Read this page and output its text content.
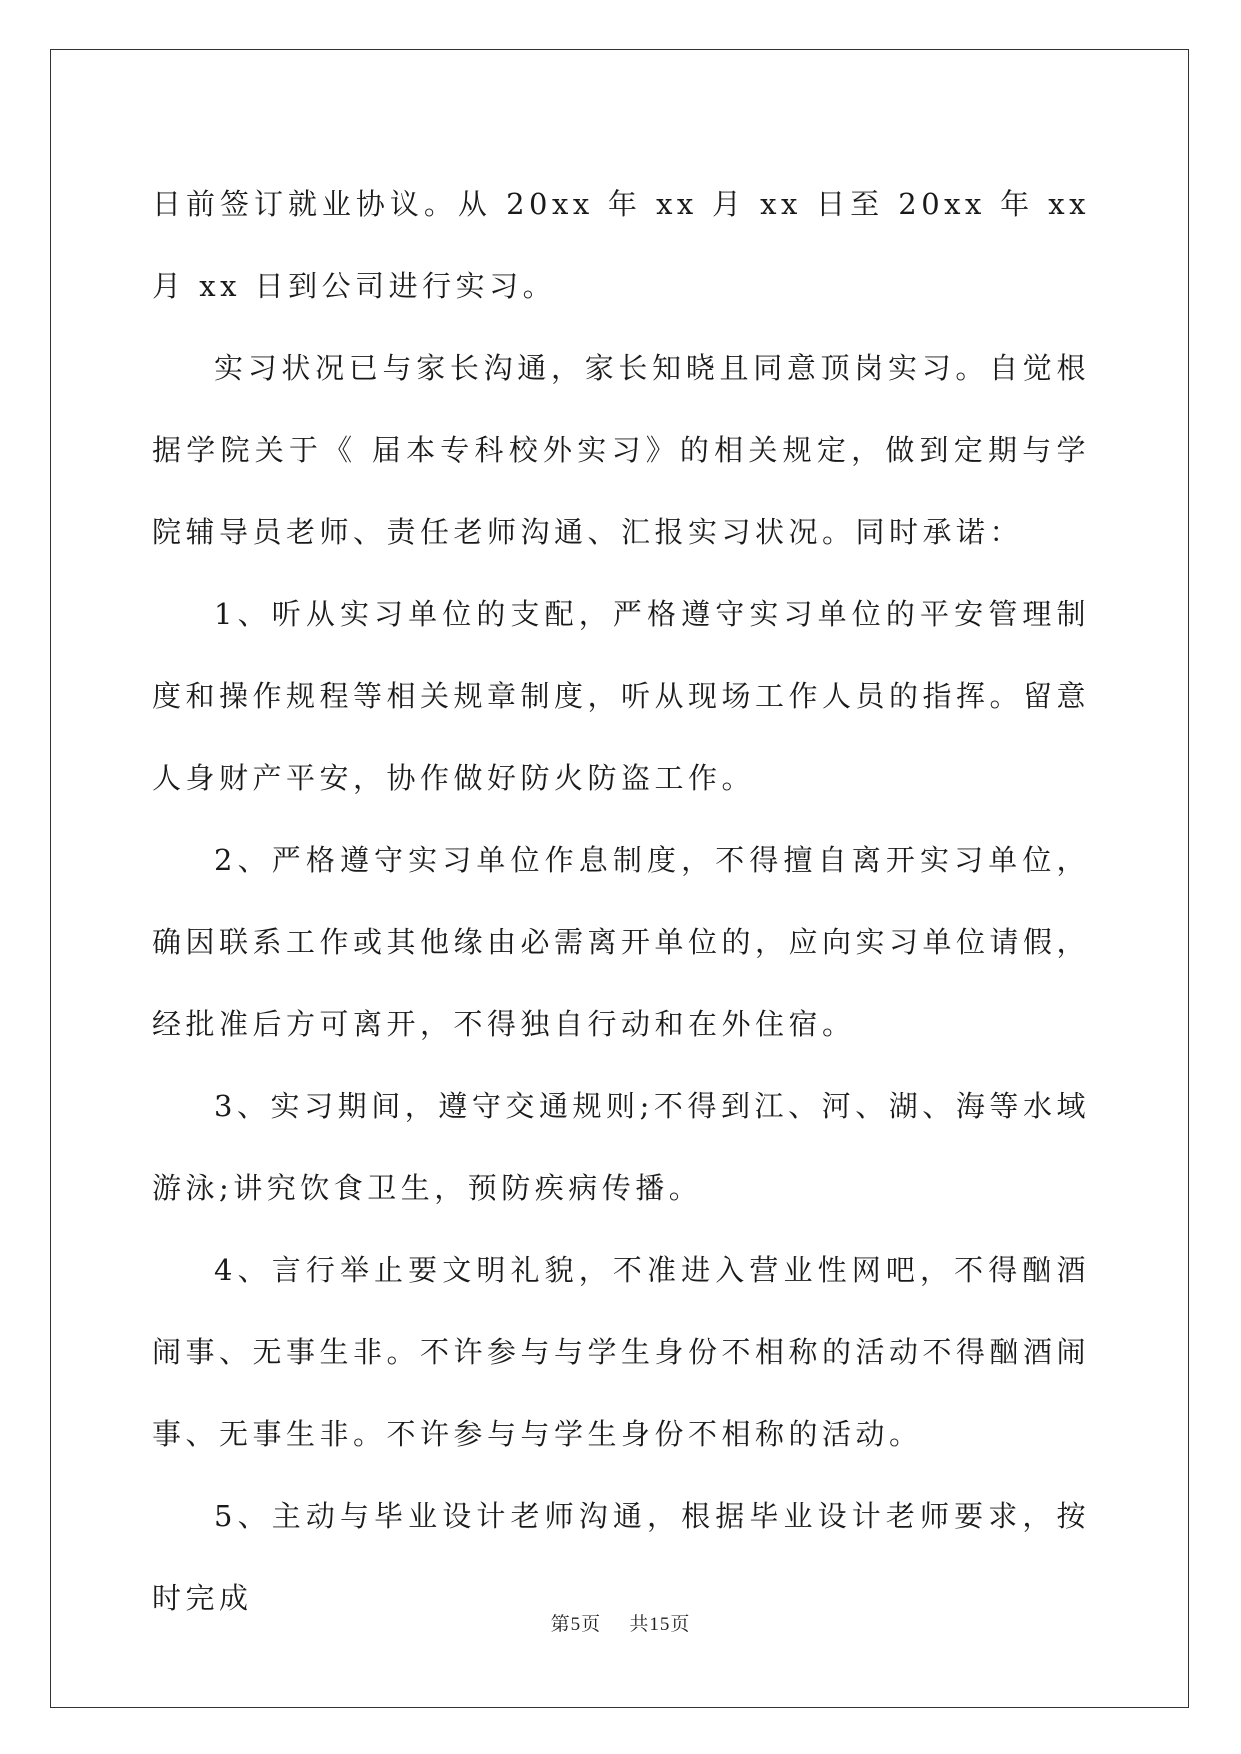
日前签订就业协议。从 20xx 年 xx 月 xx 日至 20xx 年 xx 月 xx 日到公司进行实习。

实习状况已与家长沟通，家长知晓且同意顶岗实习。自觉根据学院关于《 届本专科校外实习》的相关规定，做到定期与学院辅导员老师、责任老师沟通、汇报实习状况。同时承诺：

1、听从实习单位的支配，严格遵守实习单位的平安管理制度和操作规程等相关规章制度，听从现场工作人员的指挥。留意人身财产平安，协作做好防火防盗工作。

2、严格遵守实习单位作息制度，不得擅自离开实习单位，确因联系工作或其他缘由必需离开单位的，应向实习单位请假，经批准后方可离开，不得独自行动和在外住宿。

3、实习期间，遵守交通规则;不得到江、河、湖、海等水域游泳;讲究饮食卫生，预防疾病传播。

4、言行举止要文明礼貌，不准进入营业性网吧，不得酗酒闹事、无事生非。不许参与与学生身份不相称的活动不得酗酒闹事、无事生非。不许参与与学生身份不相称的活动。

5、主动与毕业设计老师沟通，根据毕业设计老师要求，按时完成

第5页 共15页
